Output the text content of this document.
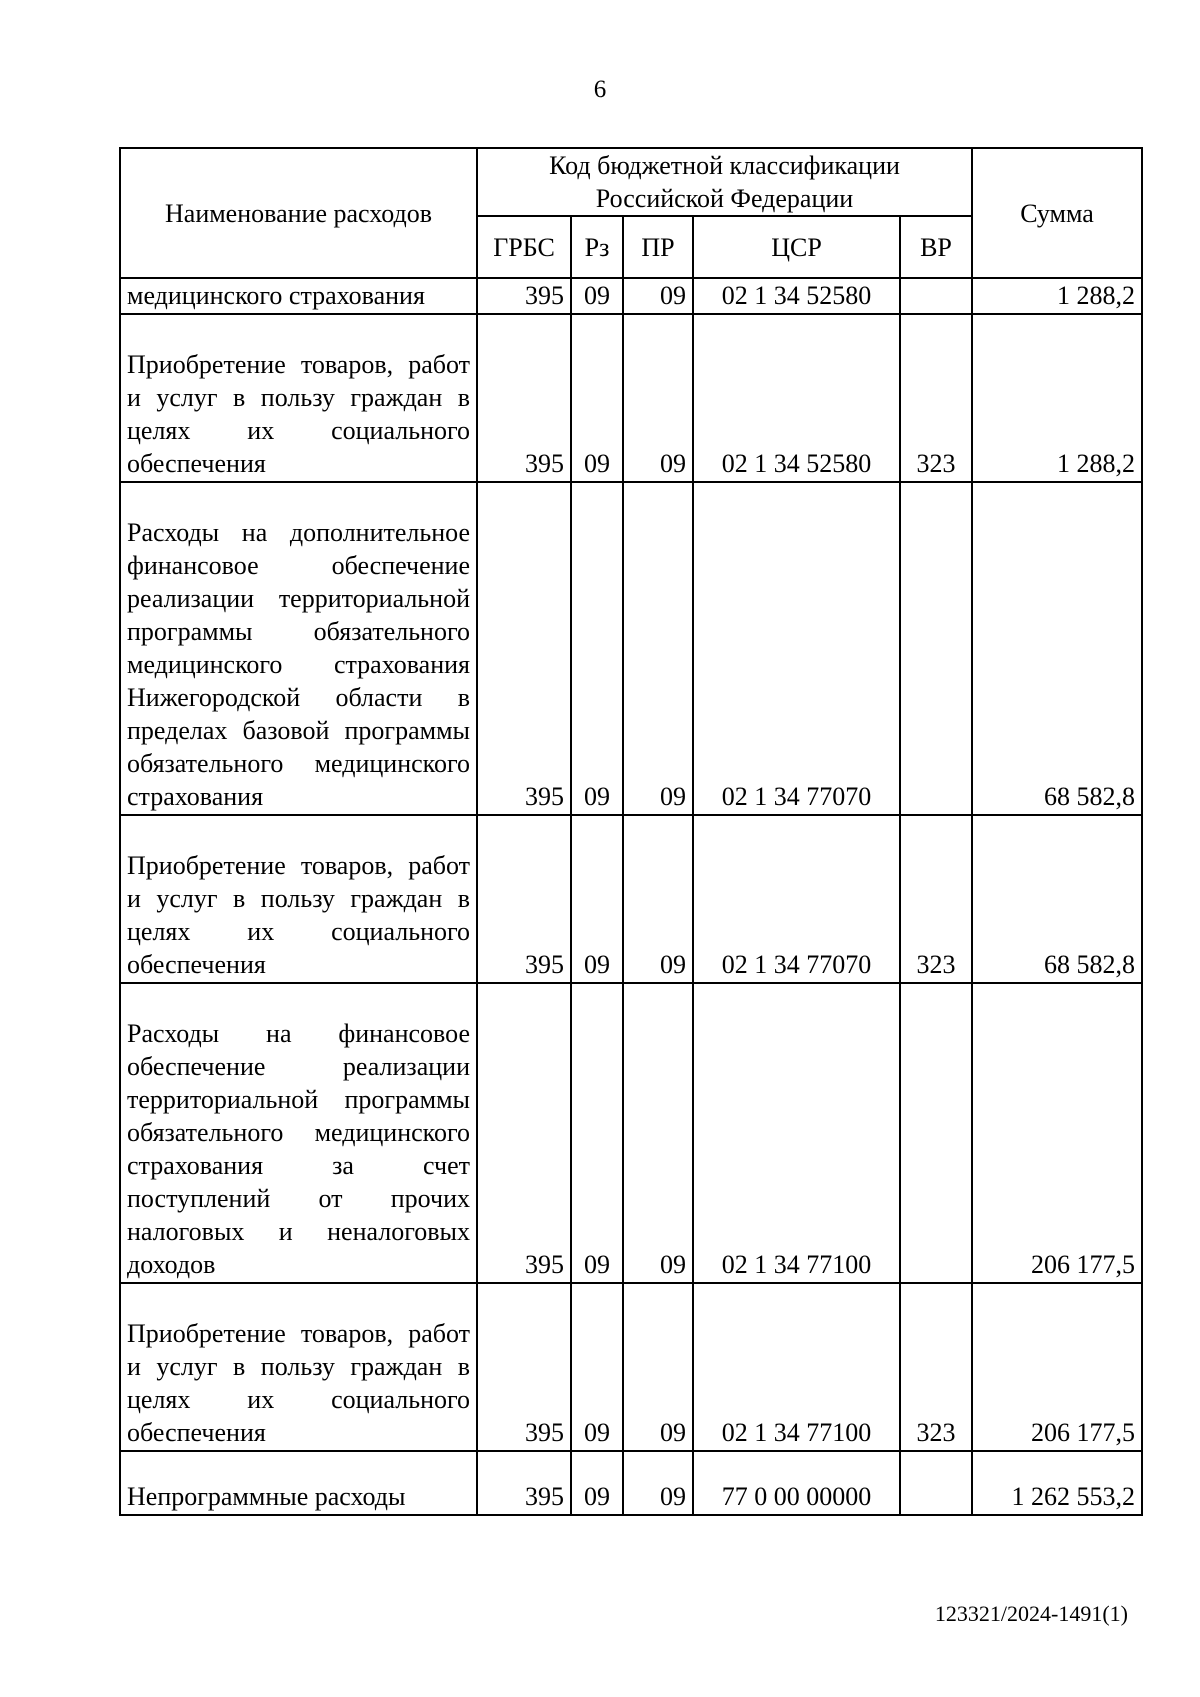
6
Наименование расходов	Код бюджетной классификации Российской Федерации					Сумма
	ГРБС	Рз	ПР	ЦСР	ВР	
медицинского страхования	395	09	09	02 1 34 52580		1 288,2
Приобретение товаров, работ и услуг в пользу граждан в целях их социального обеспечения	395	09	09	02 1 34 52580	323	1 288,2
Расходы на дополнительное финансовое обеспечение реализации территориальной программы обязательного медицинского страхования Нижегородской области в пределах базовой программы обязательного медицинского страхования	395	09	09	02 1 34 77070		68 582,8
Приобретение товаров, работ и услуг в пользу граждан в целях их социального обеспечения	395	09	09	02 1 34 77070	323	68 582,8
Расходы на финансовое обеспечение реализации территориальной программы обязательного медицинского страхования за счет поступлений от прочих налоговых и неналоговых доходов	395	09	09	02 1 34 77100		206 177,5
Приобретение товаров, работ и услуг в пользу граждан в целях их социального обеспечения	395	09	09	02 1 34 77100	323	206 177,5
Непрограммные расходы	395	09	09	77 0 00 00000		1 262 553,2
123321/2024-1491(1)
